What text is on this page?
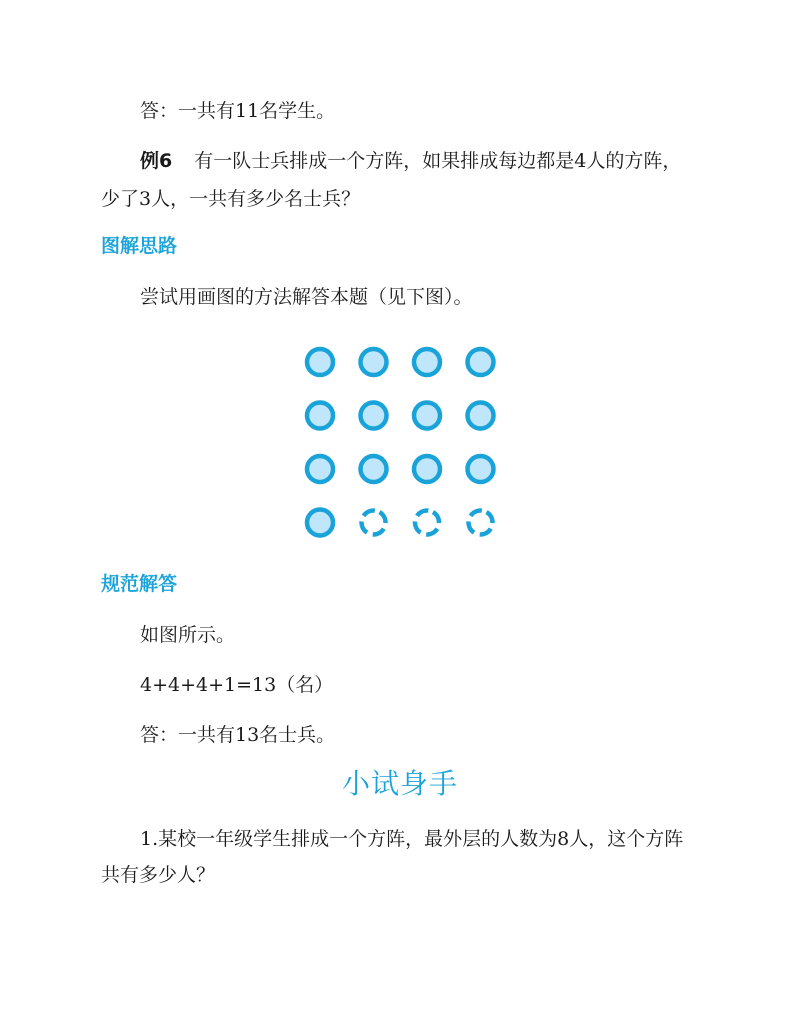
答：一共有11名学生。
例6 有一队士兵排成一个方阵，如果排成每边都是4人的方阵，
少了3人，一共有多少名士兵？
图解思路
尝试用画图的方法解答本题（见下图）。
规范解答
如图所示。
4+4+4+1=13（名）
答：一共有13名士兵。
小试身手
1.某校一年级学生排成一个方阵，最外层的人数为8人，这个方阵
共有多少人？
